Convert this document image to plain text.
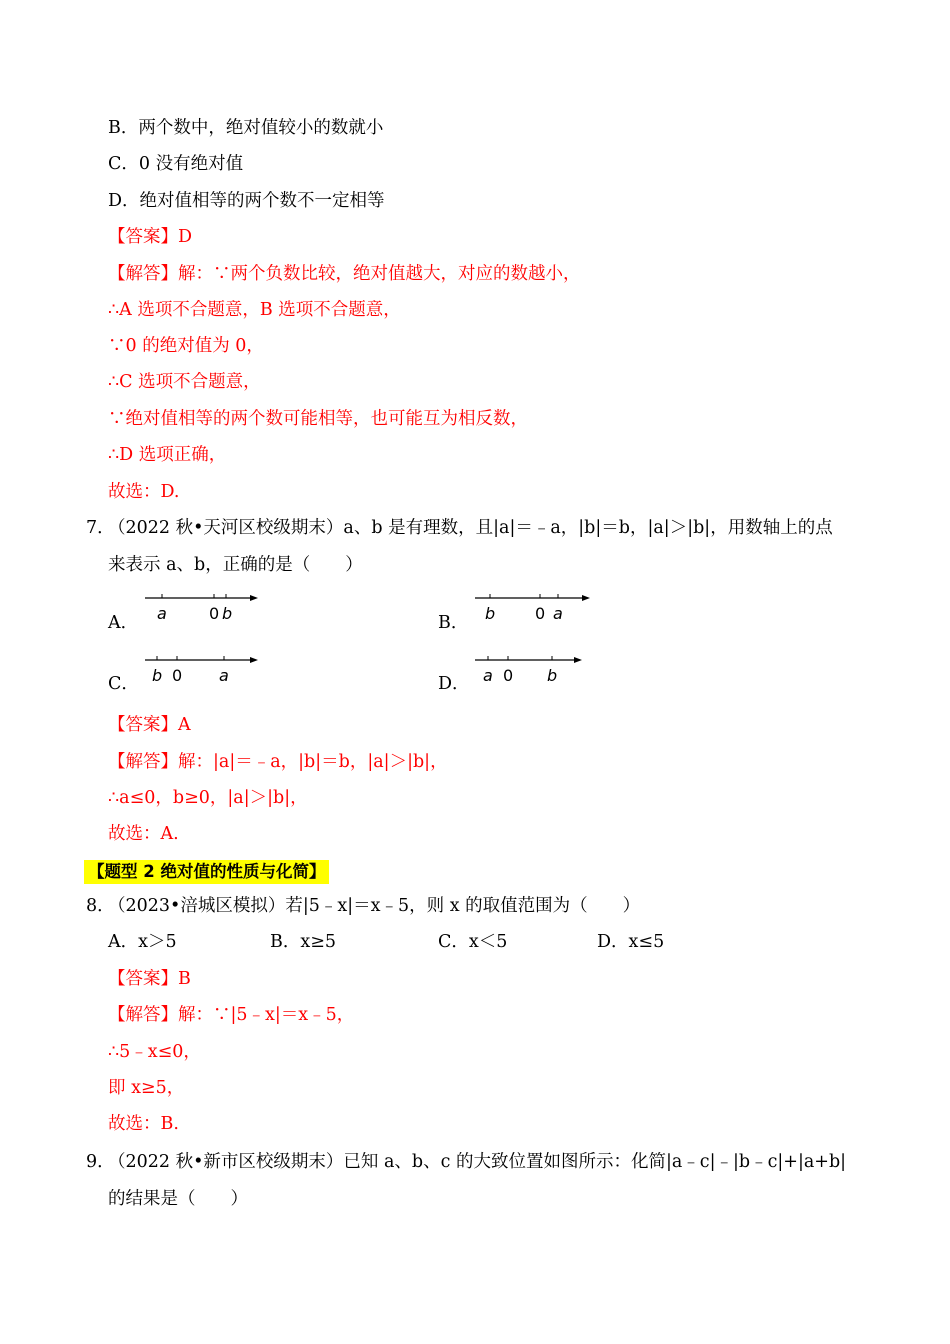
B．两个数中，绝对值较小的数就小
C．0 没有绝对值
D．绝对值相等的两个数不一定相等
【答案】D
【解答】解：∵两个负数比较，绝对值越大，对应的数越小，
∴A 选项不合题意，B 选项不合题意，
∵0 的绝对值为 0，
∴C 选项不合题意，
∵绝对值相等的两个数可能相等，也可能互为相反数，
∴D 选项正确，
故选：D.
7．
（2022 秋•天河区校级期末）a、b 是有理数，且|a|＝﹣a，|b|＝b，|a|＞|b|，用数轴上的点
来表示 a、b，正确的是（　　）
A． a	0 b	B． b 0 a
C． b 0 a	D． a 0 b
【答案】A
【解答】解：|a|＝﹣a，|b|＝b，|a|＞|b|，
∴a≤0，b≥0，|a|＞|b|，
故选：A.
【题型 2 绝对值的性质与化简】
8．
（2023•涪城区模拟）若|5﹣x|＝x﹣5，则 x 的取值范围为（　　）
A．x＞5	B．x≥5	C．x＜5	D．x≤5
【答案】B
【解答】解：∵|5﹣x|＝x﹣5，
∴5﹣x≤0，
即 x≥5，
故选：B.
9．
（2022 秋•新市区校级期末）已知 a、b、c 的大致位置如图所示：化简|a﹣c|﹣|b﹣c|+|a+b|
的结果是（　　）
